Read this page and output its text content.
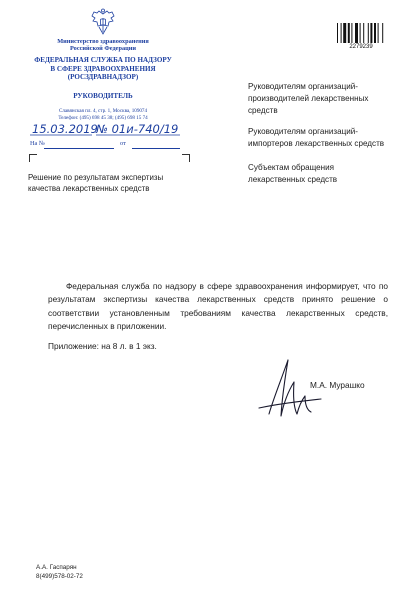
Министерство здравоохранения
Российской Федерации
ФЕДЕРАЛЬНАЯ СЛУЖБА ПО НАДЗОРУ
В СФЕРЕ ЗДРАВООХРАНЕНИЯ
(РОСЗДРАВНАДЗОР)
РУКОВОДИТЕЛЬ
Славянская пл. 4, стр. 1, Москва, 109074
Телефон: (495) 698 45 38; (495) 698 15 74
15.03.2019
№ 01и-740/19
На №	от
Решение по результатам экспертизы
качества лекарственных средств
2279239
Руководителям организаций-
производителей лекарственных
средств
Руководителям организаций-
импортеров лекарственных средств
Субъектам обращения
лекарственных средств
Федеральная служба по надзору в сфере здравоохранения информирует, что по результатам экспертизы качества лекарственных средств принято решение о соответствии установленным требованиям качества лекарственных средств, перечисленных в приложении.
Приложение: на 8 л. в 1 экз.
М.А. Мурашко
А.А. Гаспарян
8(499)578-02-72
